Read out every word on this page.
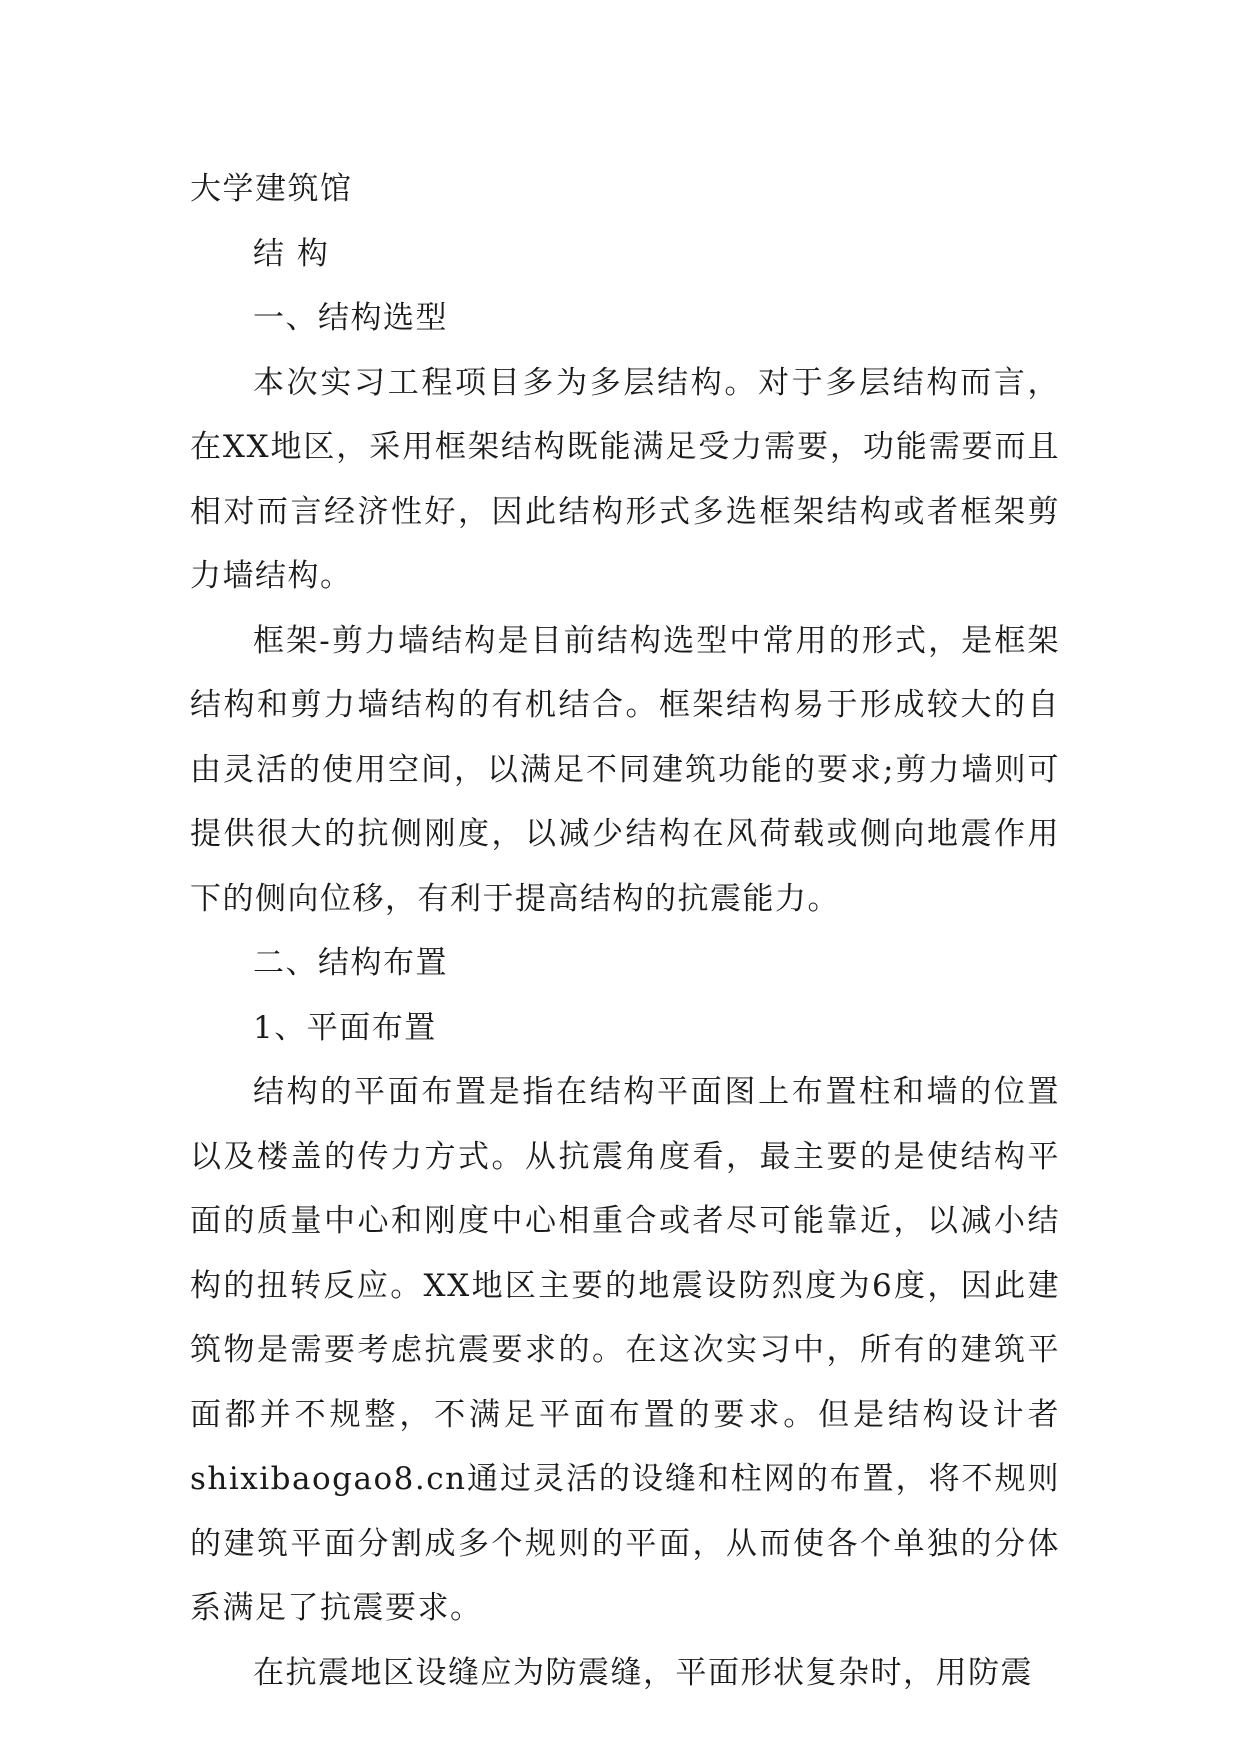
大学建筑馆

结 构

一、结构选型

本次实习工程项目多为多层结构。对于多层结构而言，在XX地区，采用框架结构既能满足受力需要，功能需要而且相对而言经济性好，因此结构形式多选框架结构或者框架剪力墙结构。

框架-剪力墙结构是目前结构选型中常用的形式，是框架结构和剪力墙结构的有机结合。框架结构易于形成较大的自由灵活的使用空间，以满足不同建筑功能的要求;剪力墙则可提供很大的抗侧刚度，以减少结构在风荷载或侧向地震作用下的侧向位移，有利于提高结构的抗震能力。

二、结构布置

1、平面布置

结构的平面布置是指在结构平面图上布置柱和墙的位置以及楼盖的传力方式。从抗震角度看，最主要的是使结构平面的质量中心和刚度中心相重合或者尽可能靠近，以减小结构的扭转反应。XX地区主要的地震设防烈度为6度，因此建筑物是需要考虑抗震要求的。在这次实习中，所有的建筑平面都并不规整，不满足平面布置的要求。但是结构设计者shixibaogao8.cn通过灵活的设缝和柱网的布置，将不规则的建筑平面分割成多个规则的平面，从而使各个单独的分体系满足了抗震要求。

在抗震地区设缝应为防震缝，平面形状复杂时，用防震
